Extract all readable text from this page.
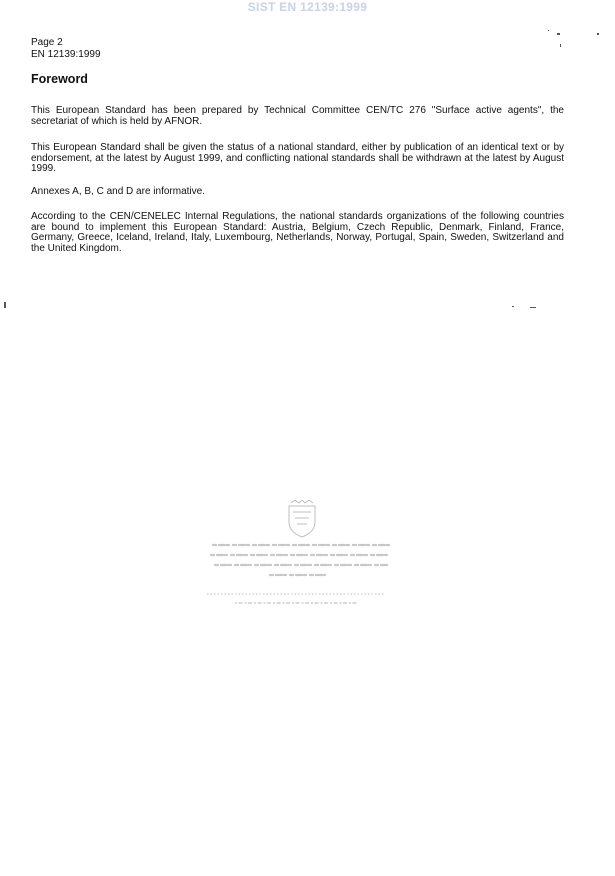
SIST EN 12139:1999
Page 2
EN 12139:1999
Foreword
This European Standard has been prepared by Technical Committee CEN/TC 276 "Surface active agents", the secretariat of which is held by AFNOR.
This European Standard shall be given the status of a national standard, either by publication of an identical text or by endorsement, at the latest by August 1999, and conflicting national standards shall be withdrawn at the latest by August 1999.
Annexes A, B, C and D are informative.
According to the CEN/CENELEC Internal Regulations, the national standards organizations of the following countries are bound to implement this European Standard: Austria, Belgium, Czech Republic, Denmark, Finland, France, Germany, Greece, Iceland, Ireland, Italy, Luxembourg, Netherlands, Norway, Portugal, Spain, Sweden, Switzerland and the United Kingdom.
